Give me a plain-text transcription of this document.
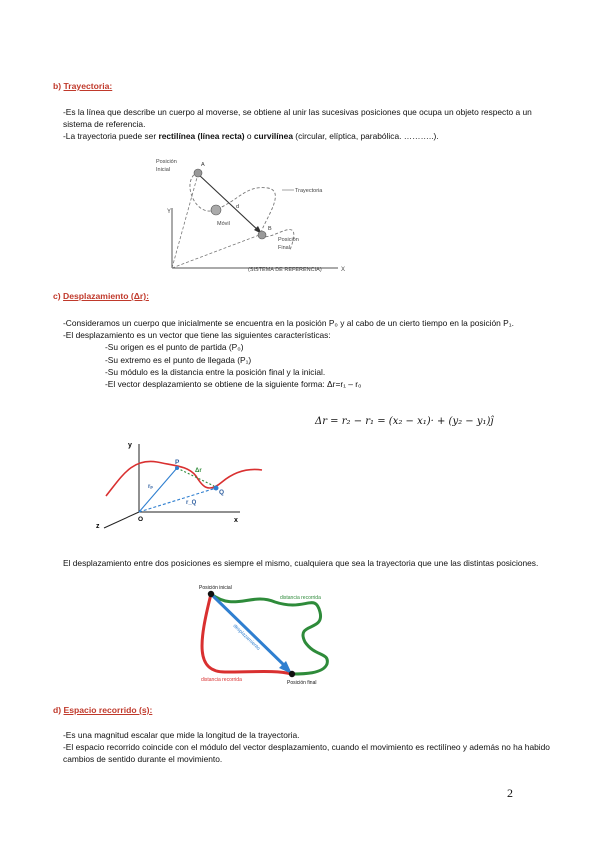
b) Trayectoria:

-Es la línea que describe un cuerpo al moverse, se obtiene al unir las sucesivas posiciones que ocupa un objeto respecto a un sistema de referencia.

-La trayectoria puede ser rectilínea (línea recta) o curvilínea (circular, elíptica, parabólica. ………..).

Y
X
A
B
d
Posición
Inicial
Trayectoria
Móvil
Posición
Final
(SISTEMA DE REFERENCIA)
c) Desplazamiento (Δr):

-Consideramos un cuerpo que inicialmente se encuentra en la posición P₀ y al cabo de un cierto tiempo en la posición P₁.

-El desplazamiento es un vector que tiene las siguientes características:

-Su origen es el punto de partida (P₀)

-Su extremo es el punto de llegada (P₁)

-Su módulo es la distancia entre la posición final y la inicial.

-El vector desplazamiento se obtiene de la siguiente forma: Δr=r₁ – r₀

Δr = r₂ − r₁ = (x₂ − x₁)· + (y₂ − y₁)ĵ
y
x
z
O
P
Q
Δr
rₚ
r_Q

El desplazamiento entre dos posiciones es siempre el mismo, cualquiera que sea la trayectoria que une las distintas posiciones.

Posición inicial
Posición final
distancia recorrida
distancia recorrida
desplazamiento
d) Espacio recorrido (s):

-Es una magnitud escalar que mide la longitud de la trayectoria.

-El espacio recorrido coincide con el módulo del vector desplazamiento, cuando el movimiento es rectilíneo y además no ha habido cambios de sentido durante el movimiento.

2
